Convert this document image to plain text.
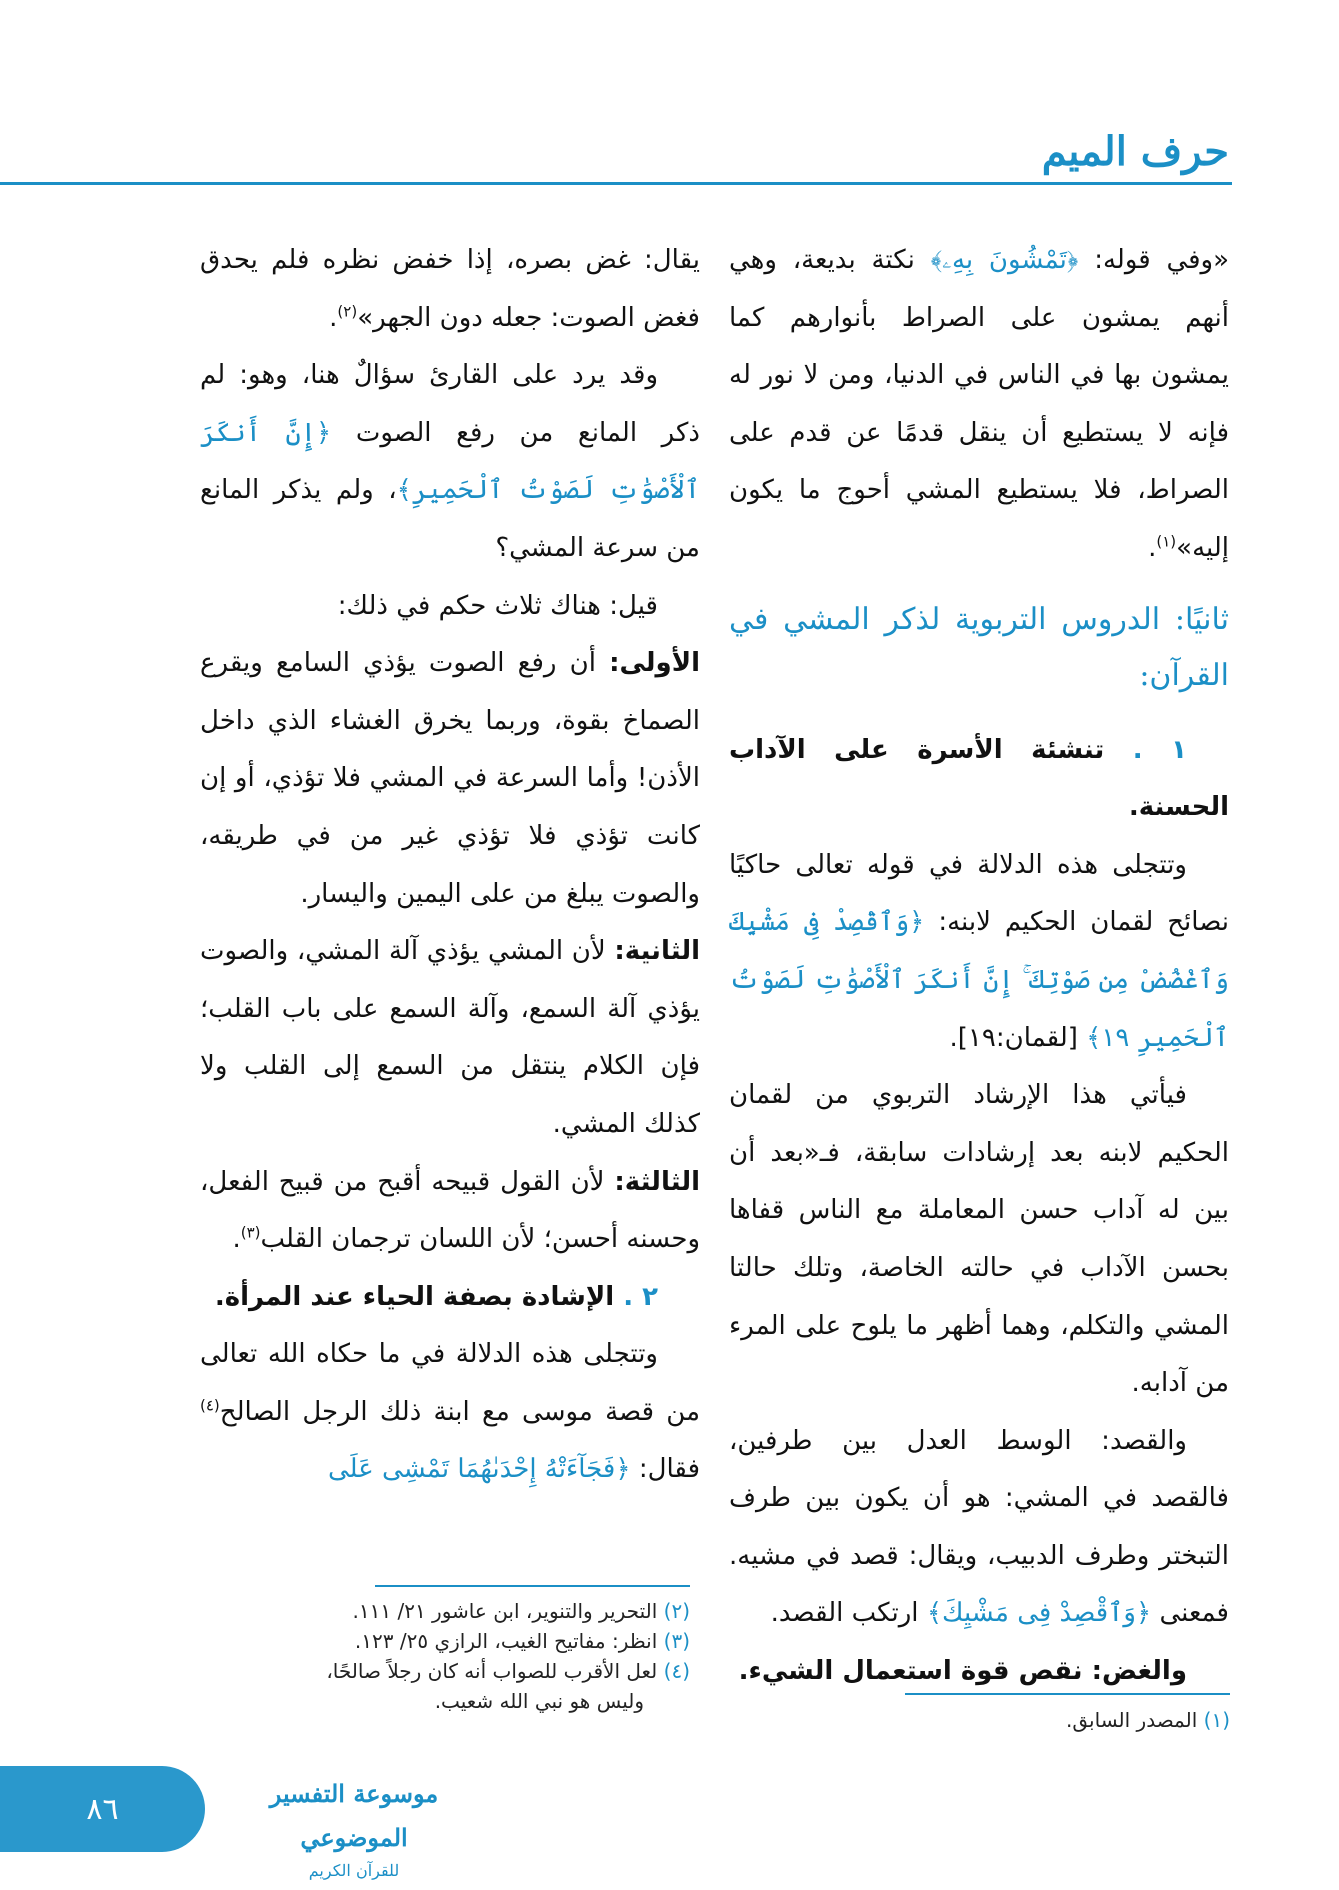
حرف الميم

«وفي قوله: ﴿تَمْشُونَ بِهِۦ﴾ نكتة بديعة، وهي أنهم يمشون على الصراط بأنوارهم كما يمشون بها في الناس في الدنيا، ومن لا نور له فإنه لا يستطيع أن ينقل قدمًا عن قدم على الصراط، فلا يستطيع المشي أحوج ما يكون إليه»$^{(١)}$.

ثانيًا: الدروس التربوية لذكر المشي في القرآن:

١ . تنشئة الأسرة على الآداب الحسنة.

وتتجلى هذه الدلالة في قوله تعالى حاكيًا نصائح لقمان الحكيم لابنه: ﴿وَٱقْصِدْ فِى مَشْيِكَ وَٱغْضُضْ مِن صَوْتِكَ ۚ إِنَّ أَنكَرَ ٱلْأَصْوَٰتِ لَصَوْتُ ٱلْحَمِيرِ ١٩﴾ [لقمان:١٩].

فيأتي هذا الإرشاد التربوي من لقمان الحكيم لابنه بعد إرشادات سابقة، فـ«بعد أن بين له آداب حسن المعاملة مع الناس قفاها بحسن الآداب في حالته الخاصة، وتلك حالتا المشي والتكلم، وهما أظهر ما يلوح على المرء من آدابه.

والقصد: الوسط العدل بين طرفين، فالقصد في المشي: هو أن يكون بين طرف التبختر وطرف الدبيب، ويقال: قصد في مشيه. فمعنى ﴿وَٱقْصِدْ فِى مَشْيِكَ﴾ ارتكب القصد.

والغض: نقص قوة استعمال الشيء.

يقال: غض بصره، إذا خفض نظره فلم يحدق فغض الصوت: جعله دون الجهر»$^{(٢)}$.

وقد يرد على القارئ سؤالٌ هنا، وهو: لم ذكر المانع من رفع الصوت ﴿إِنَّ أَنكَرَ ٱلْأَصْوَٰتِ لَصَوْتُ ٱلْحَمِيرِ﴾، ولم يذكر المانع من سرعة المشي؟

قيل: هناك ثلاث حكم في ذلك:

الأولى: أن رفع الصوت يؤذي السامع ويقرع الصماخ بقوة، وربما يخرق الغشاء الذي داخل الأذن! وأما السرعة في المشي فلا تؤذي، أو إن كانت تؤذي فلا تؤذي غير من في طريقه، والصوت يبلغ من على اليمين واليسار.

الثانية: لأن المشي يؤذي آلة المشي، والصوت يؤذي آلة السمع، وآلة السمع على باب القلب؛ فإن الكلام ينتقل من السمع إلى القلب ولا كذلك المشي.

الثالثة: لأن القول قبيحه أقبح من قبيح الفعل، وحسنه أحسن؛ لأن اللسان ترجمان القلب$^{(٣)}$.

٢ . الإشادة بصفة الحياء عند المرأة.

وتتجلى هذه الدلالة في ما حكاه الله تعالى من قصة موسى مع ابنة ذلك الرجل الصالح$^{(٤)}$ فقال: ﴿فَجَآءَتْهُ إِحْدَىٰهُمَا تَمْشِى عَلَى

(٢) التحرير والتنوير، ابن عاشور ٢١/ ١١١.

(٣) انظر: مفاتيح الغيب، الرازي ٢٥/ ١٢٣.

(٤) لعل الأقرب للصواب أنه كان رجلاً صالحًا،

وليس هو نبي الله شعيب.

(١) المصدر السابق.

٨٦	موسوعة التفسير الموضوعي
للقرآن الكريم
